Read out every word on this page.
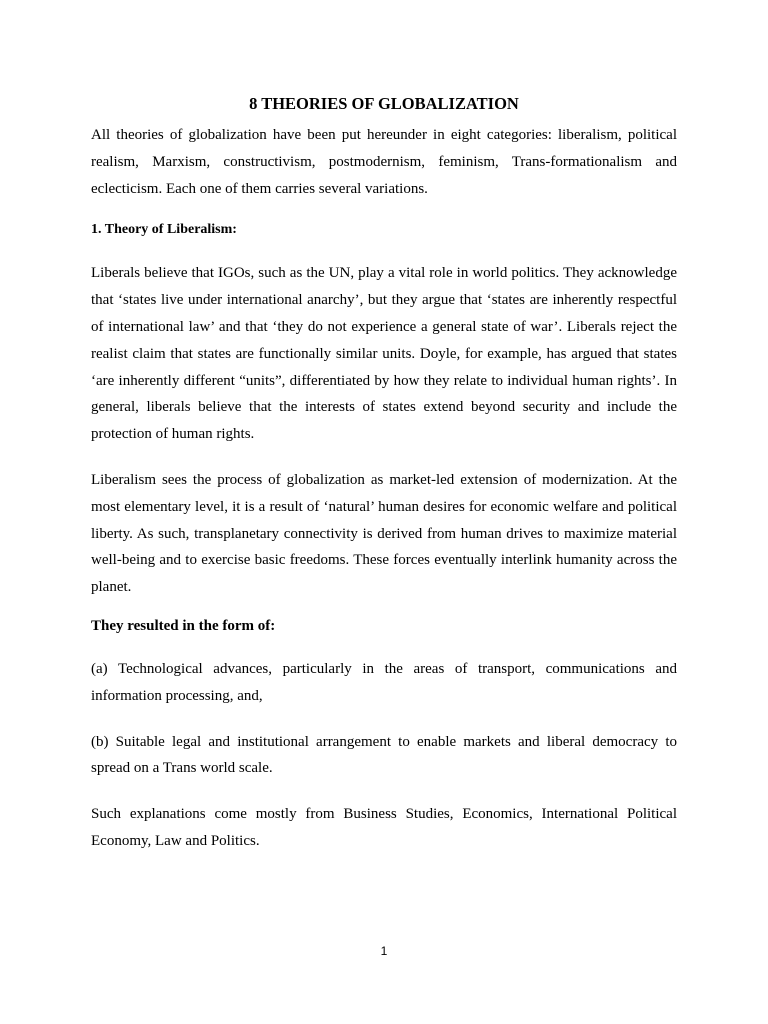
8 THEORIES OF GLOBALIZATION

All theories of globalization have been put hereunder in eight categories: liberalism, political realism, Marxism, constructivism, postmodernism, feminism, Trans-formationalism and eclecticism. Each one of them carries several variations.

1. Theory of Liberalism:

Liberals believe that IGOs, such as the UN, play a vital role in world politics. They acknowledge that ‘states live under international anarchy’, but they argue that ‘states are inherently respectful of international law’ and that ‘they do not experience a general state of war’. Liberals reject the realist claim that states are functionally similar units. Doyle, for example, has argued that states ‘are inherently different “units”, differentiated by how they relate to individual human rights’. In general, liberals believe that the interests of states extend beyond security and include the protection of human rights.

Liberalism sees the process of globalization as market-led extension of modernization. At the most elementary level, it is a result of ‘natural’ human desires for economic welfare and political liberty. As such, transplanetary connectivity is derived from human drives to maximize material well-being and to exercise basic freedoms. These forces eventually interlink humanity across the planet.

They resulted in the form of:

(a) Technological advances, particularly in the areas of transport, communications and information processing, and,

(b) Suitable legal and institutional arrangement to enable markets and liberal democracy to spread on a Trans world scale.

Such explanations come mostly from Business Studies, Economics, International Political Economy, Law and Politics.

1
